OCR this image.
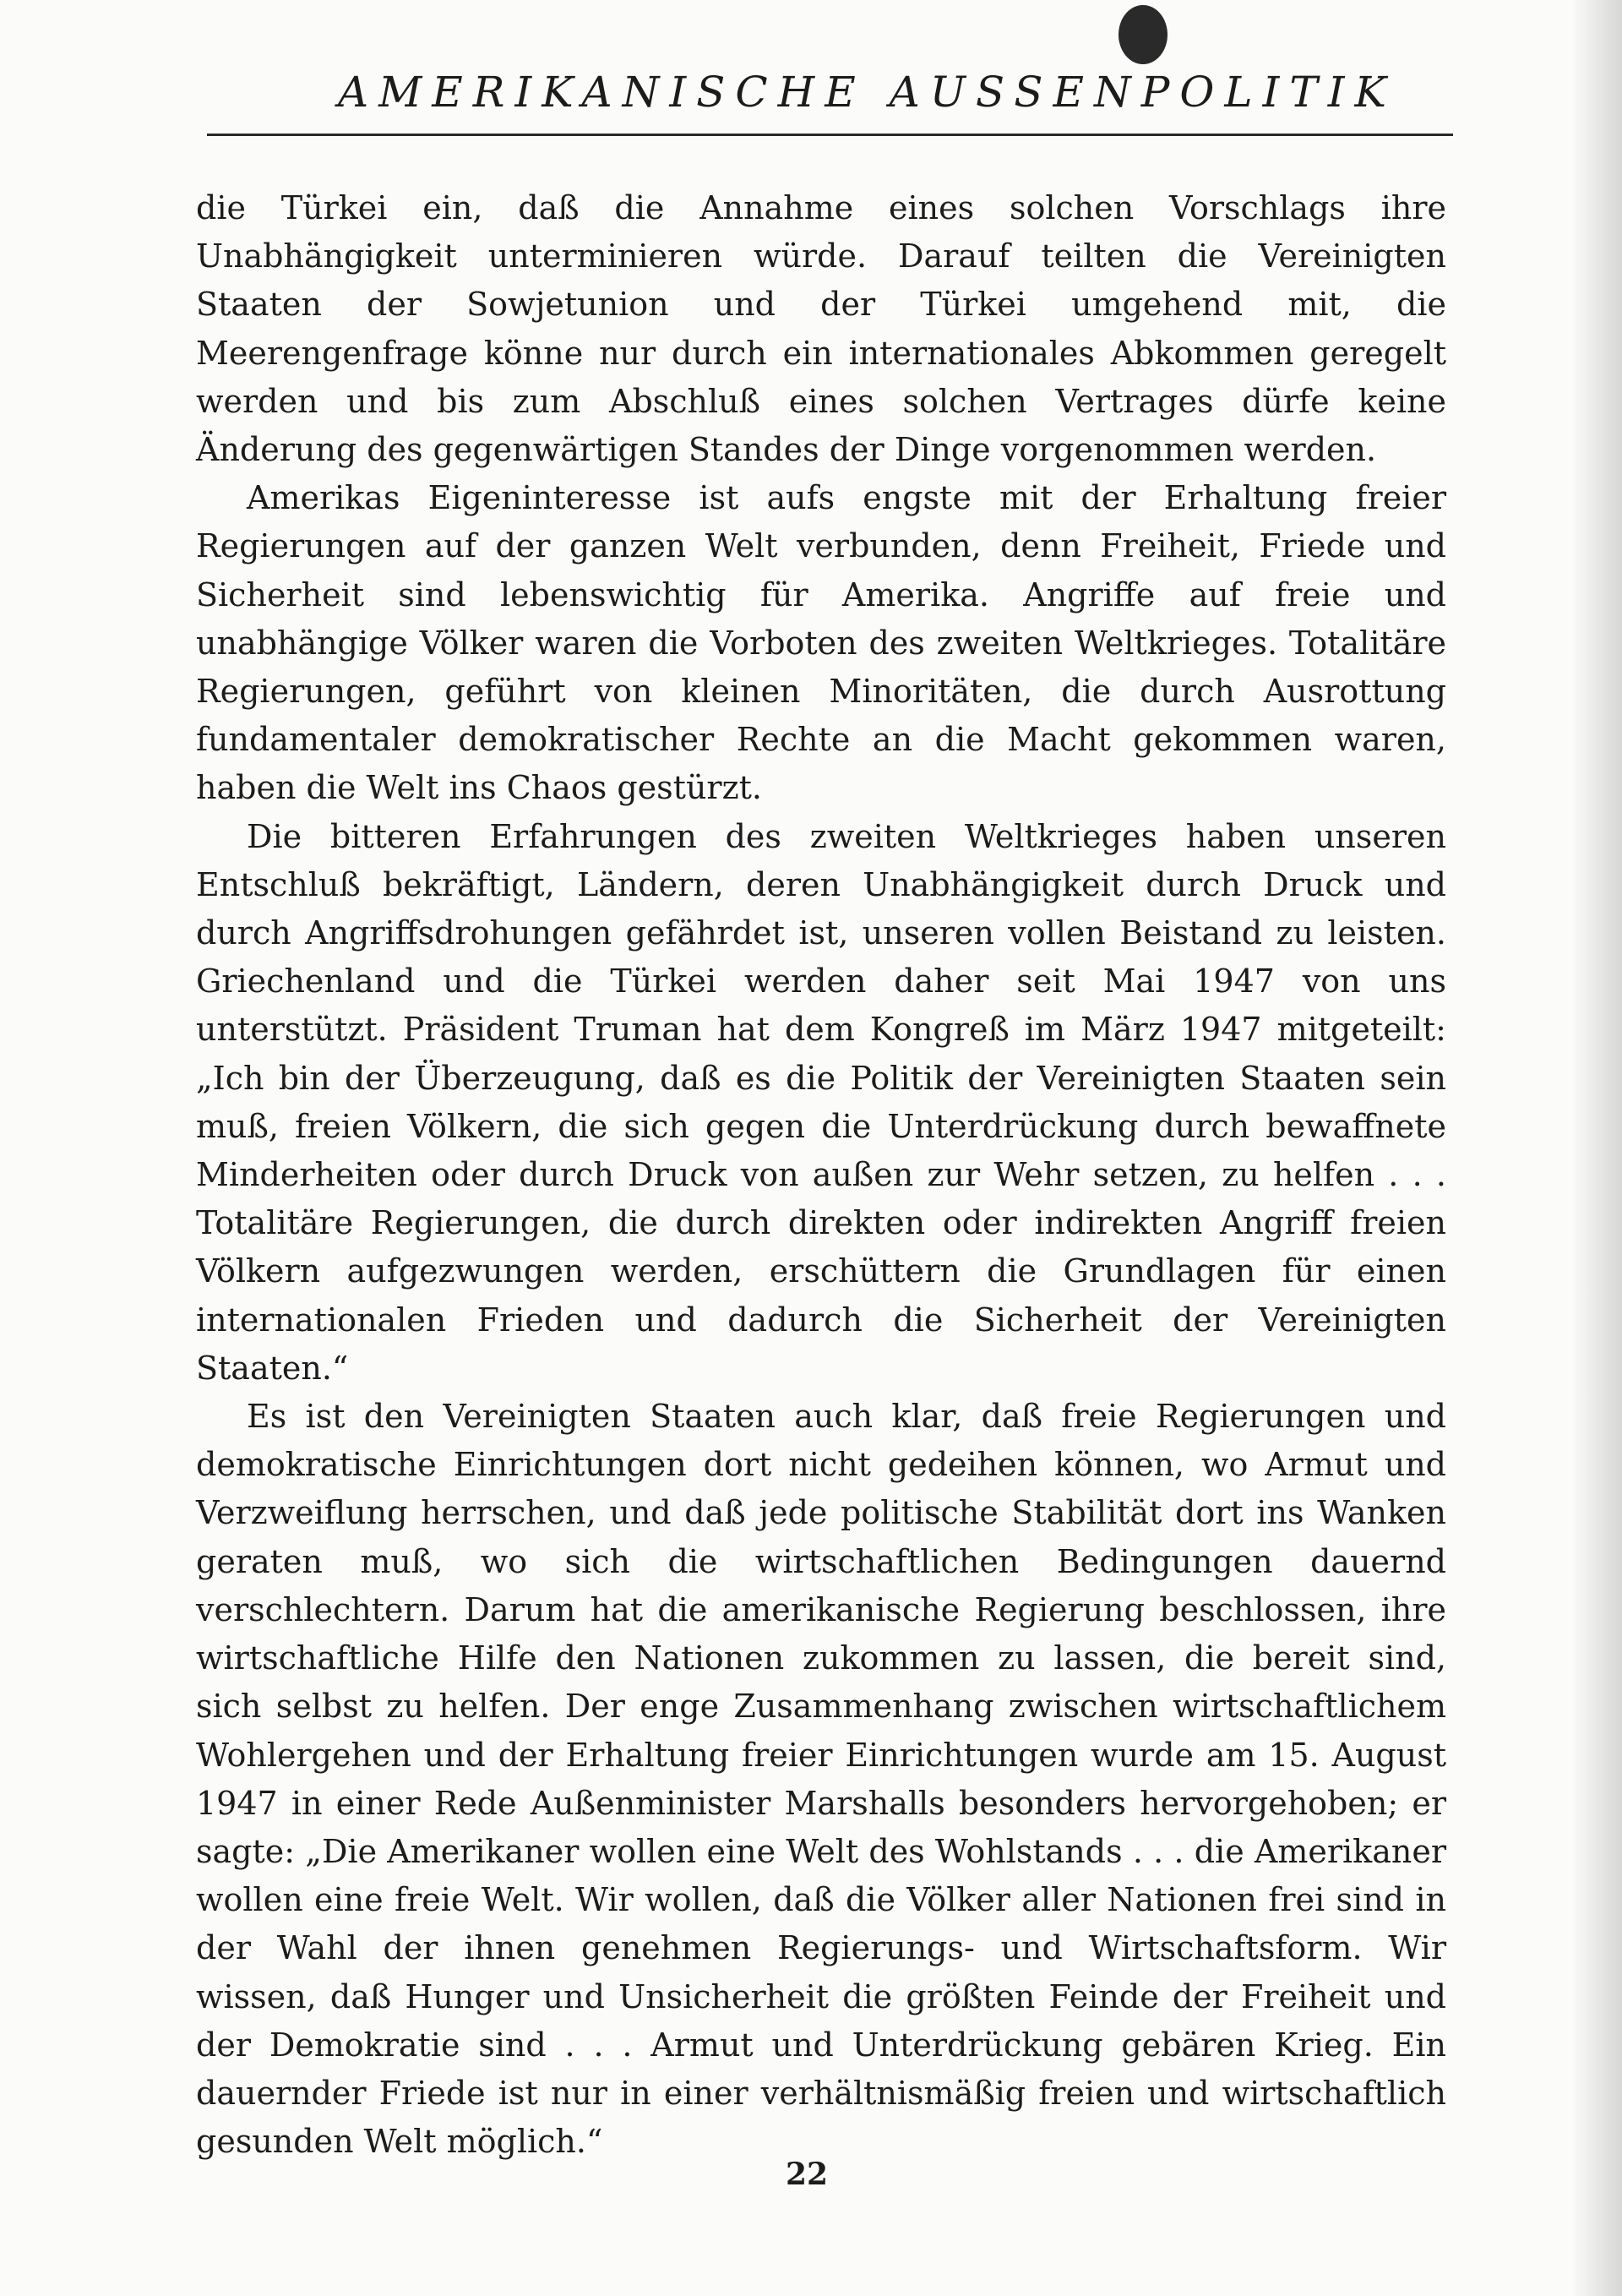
AMERIKANISCHE AUSSENPOLITIK

die Türkei ein, daß die Annahme eines solchen Vorschlags ihre Unabhängigkeit unterminieren würde. Darauf teilten die Vereinigten Staaten der Sowjetunion und der Türkei umgehend mit, die Meerengenfrage könne nur durch ein internationales Abkommen geregelt werden und bis zum Abschluß eines solchen Vertrages dürfe keine Änderung des gegenwärtigen Standes der Dinge vorgenommen werden.

Amerikas Eigeninteresse ist aufs engste mit der Erhaltung freier Regierungen auf der ganzen Welt verbunden, denn Freiheit, Friede und Sicherheit sind lebenswichtig für Amerika. Angriffe auf freie und unabhängige Völker waren die Vorboten des zweiten Weltkrieges. Totalitäre Regierungen, geführt von kleinen Minoritäten, die durch Ausrottung fundamentaler demokratischer Rechte an die Macht gekommen waren, haben die Welt ins Chaos gestürzt.

Die bitteren Erfahrungen des zweiten Weltkrieges haben unseren Entschluß bekräftigt, Ländern, deren Unabhängigkeit durch Druck und durch Angriffsdrohungen gefährdet ist, unseren vollen Beistand zu leisten. Griechenland und die Türkei werden daher seit Mai 1947 von uns unterstützt. Präsident Truman hat dem Kongreß im März 1947 mitgeteilt: „Ich bin der Überzeugung, daß es die Politik der Vereinigten Staaten sein muß, freien Völkern, die sich gegen die Unterdrückung durch bewaffnete Minderheiten oder durch Druck von außen zur Wehr setzen, zu helfen . . . Totalitäre Regierungen, die durch direkten oder indirekten Angriff freien Völkern aufgezwungen werden, erschüttern die Grundlagen für einen internationalen Frieden und dadurch die Sicherheit der Vereinigten Staaten.“

Es ist den Vereinigten Staaten auch klar, daß freie Regierungen und demokratische Einrichtungen dort nicht gedeihen können, wo Armut und Verzweiflung herrschen, und daß jede politische Stabilität dort ins Wanken geraten muß, wo sich die wirtschaftlichen Bedingungen dauernd verschlechtern. Darum hat die amerikanische Regierung beschlossen, ihre wirtschaftliche Hilfe den Nationen zukommen zu lassen, die bereit sind, sich selbst zu helfen. Der enge Zusammenhang zwischen wirtschaftlichem Wohlergehen und der Erhaltung freier Einrichtungen wurde am 15. August 1947 in einer Rede Außenminister Marshalls besonders hervorgehoben; er sagte: „Die Amerikaner wollen eine Welt des Wohlstands . . . die Amerikaner wollen eine freie Welt. Wir wollen, daß die Völker aller Nationen frei sind in der Wahl der ihnen genehmen Regierungs- und Wirtschaftsform. Wir wissen, daß Hunger und Unsicherheit die größten Feinde der Freiheit und der Demokratie sind . . . Armut und Unterdrückung gebären Krieg. Ein dauernder Friede ist nur in einer verhältnismäßig freien und wirtschaftlich gesunden Welt möglich.“

22
